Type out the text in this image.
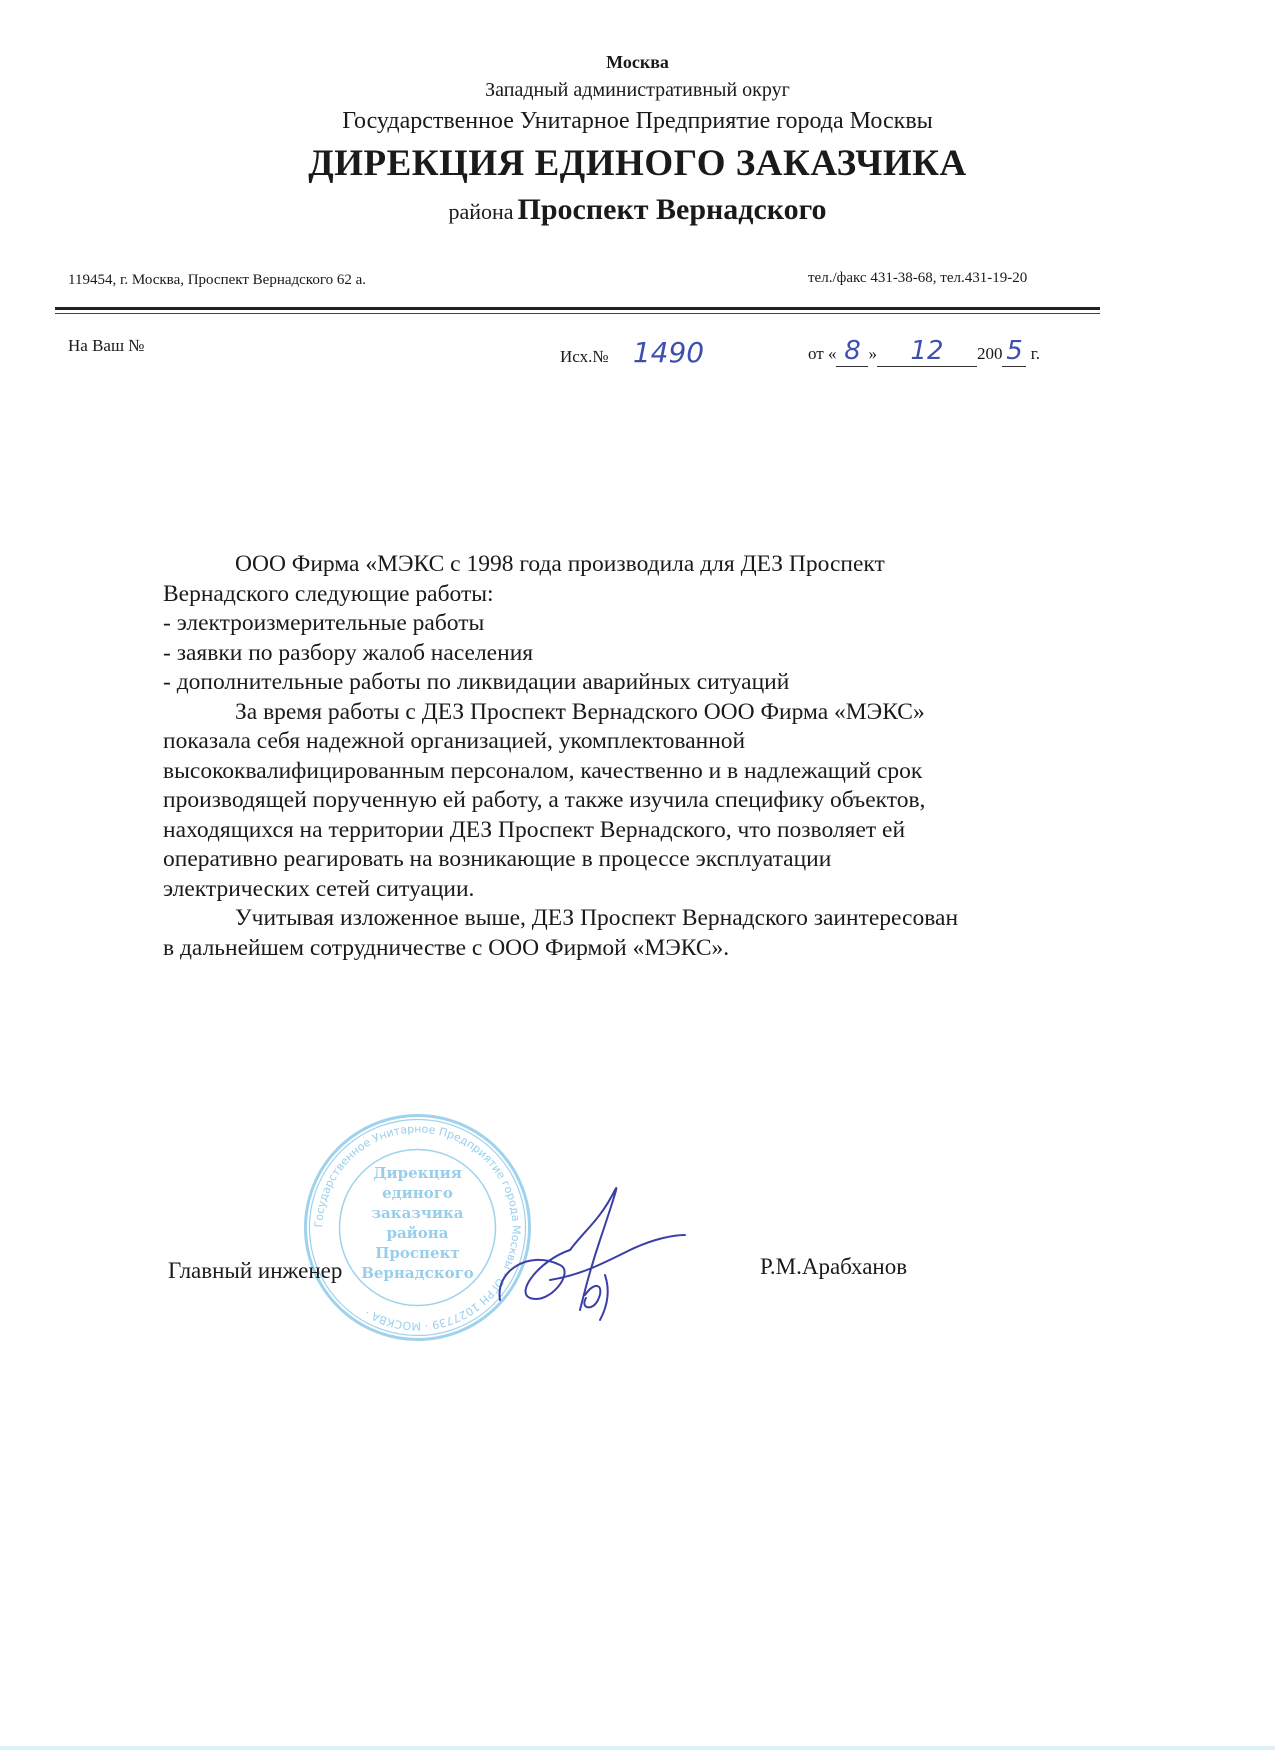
Москва
Западный административный округ
Государственное Унитарное Предприятие города Москвы
ДИРЕКЦИЯ ЕДИНОГО ЗАКАЗЧИКА
района Проспект Вернадского
119454, г. Москва, Проспект Вернадского 62 а.	тел./факс 431-38-68, тел.431-19-20
На Ваш №
Исх.№ 1490	от « 8 » 12 200 5 г.

ООО Фирма «МЭКС с 1998 года производила для ДЕЗ Проспект

Вернадского следующие работы:

- электроизмерительные работы

- заявки по разбору жалоб населения

- дополнительные работы по ликвидации аварийных ситуаций

За время работы с ДЕЗ Проспект Вернадского ООО Фирма «МЭКС»

показала себя надежной организацией, укомплектованной

высококвалифицированным персоналом, качественно и в надлежащий срок

производящей порученную ей работу, а также изучила специфику объектов,

находящихся на территории ДЕЗ Проспект Вернадского, что позволяет ей

оперативно реагировать на возникающие в процессе эксплуатации

электрических сетей ситуации.

Учитывая изложенное выше, ДЕЗ Проспект Вернадского заинтересован

в дальнейшем сотрудничестве с ООО Фирмой «МЭКС».

Государственное Унитарное Предприятие города Москвы · ОГРН 1027739 · МОСКВА ·
Дирекция
единого
заказчика
района
Проспект
Вернадского
Главный инженер	Р.М.Арабханов
